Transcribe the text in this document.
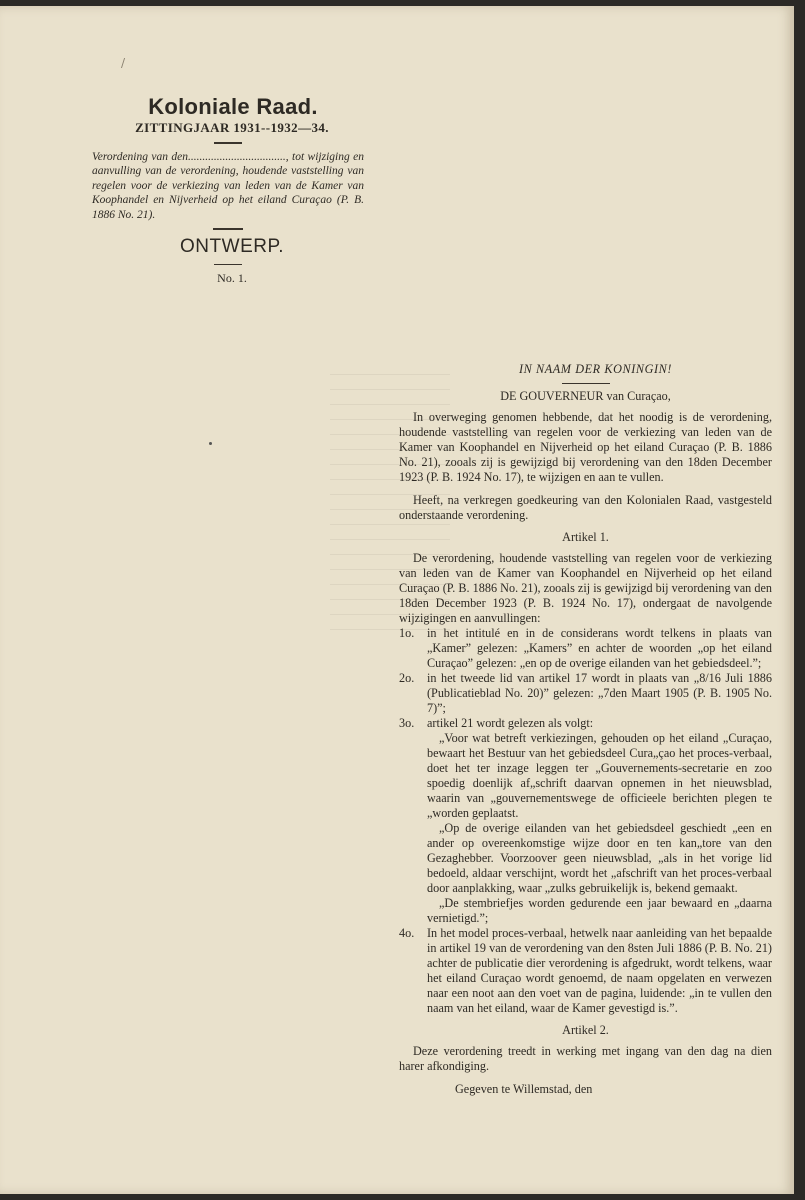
/
Koloniale Raad.
ZITTINGJAAR 1931--1932—34.
Verordening van den.................................., tot wijziging en aanvulling van de verordening, houdende vaststelling van regelen voor de verkiezing van leden van de Kamer van Koophandel en Nijverheid op het eiland Curaçao (P. B. 1886 No. 21).
ONTWERP.
No. 1.
IN NAAM DER KONINGIN!
DE GOUVERNEUR van Curaçao,

In overweging genomen hebbende, dat het noodig is de verordening, houdende vaststelling van regelen voor de verkiezing van leden van de Kamer van Koophandel en Nijverheid op het eiland Curaçao (P. B. 1886 No. 21), zooals zij is gewijzigd bij verordening van den 18den December 1923 (P. B. 1924 No. 17), te wijzigen en aan te vullen.

Heeft, na verkregen goedkeuring van den Kolonialen Raad, vastgesteld onderstaande verordening.

Artikel 1.

De verordening, houdende vaststelling van regelen voor de verkiezing van leden van de Kamer van Koophandel en Nijverheid op het eiland Curaçao (P. B. 1886 No. 21), zooals zij is gewijzigd bij verordening van den 18den December 1923 (P. B. 1924 No. 17), ondergaat de navolgende wijzigingen en aanvullingen:

1o.	in het intitulé en in de considerans wordt telkens in plaats van „Kamer” gelezen: „Kamers” en achter de woorden „op het eiland Curaçao” gelezen: „en op de overige eilanden van het gebiedsdeel.”;
2o.	in het tweede lid van artikel 17 wordt in plaats van „8/16 Juli 1886 (Publicatieblad No. 20)” gelezen: „7den Maart 1905 (P. B. 1905 No. 7)”;
3o.	artikel 21 wordt gelezen als volgt:

„Voor wat betreft verkiezingen, gehouden op het eiland „Curaçao, bewaart het Bestuur van het gebiedsdeel Cura„çao het proces-verbaal, doet het ter inzage leggen ter „Gouvernements-secretarie en zoo spoedig doenlijk af„schrift daarvan opnemen in het nieuwsblad, waarin van „gouvernementswege de officieele berichten plegen te „worden geplaatst.

„Op de overige eilanden van het gebiedsdeel geschiedt „een en ander op overeenkomstige wijze door en ten kan„tore van den Gezaghebber. Voorzoover geen nieuwsblad, „als in het vorige lid bedoeld, aldaar verschijnt, wordt het „afschrift van het proces-verbaal door aanplakking, waar „zulks gebruikelijk is, bekend gemaakt.

„De stembriefjes worden gedurende een jaar bewaard en „daarna vernietigd.”;

4o.	In het model proces-verbaal, hetwelk naar aanleiding van het bepaalde in artikel 19 van de verordening van den 8sten Juli 1886 (P. B. No. 21) achter de publicatie dier verordening is afgedrukt, wordt telkens, waar het eiland Curaçao wordt genoemd, de naam opgelaten en verwezen naar een noot aan den voet van de pagina, luidende: „in te vullen den naam van het eiland, waar de Kamer gevestigd is.”.
Artikel 2.

Deze verordening treedt in werking met ingang van den dag na dien harer afkondiging.

Gegeven te Willemstad, den
